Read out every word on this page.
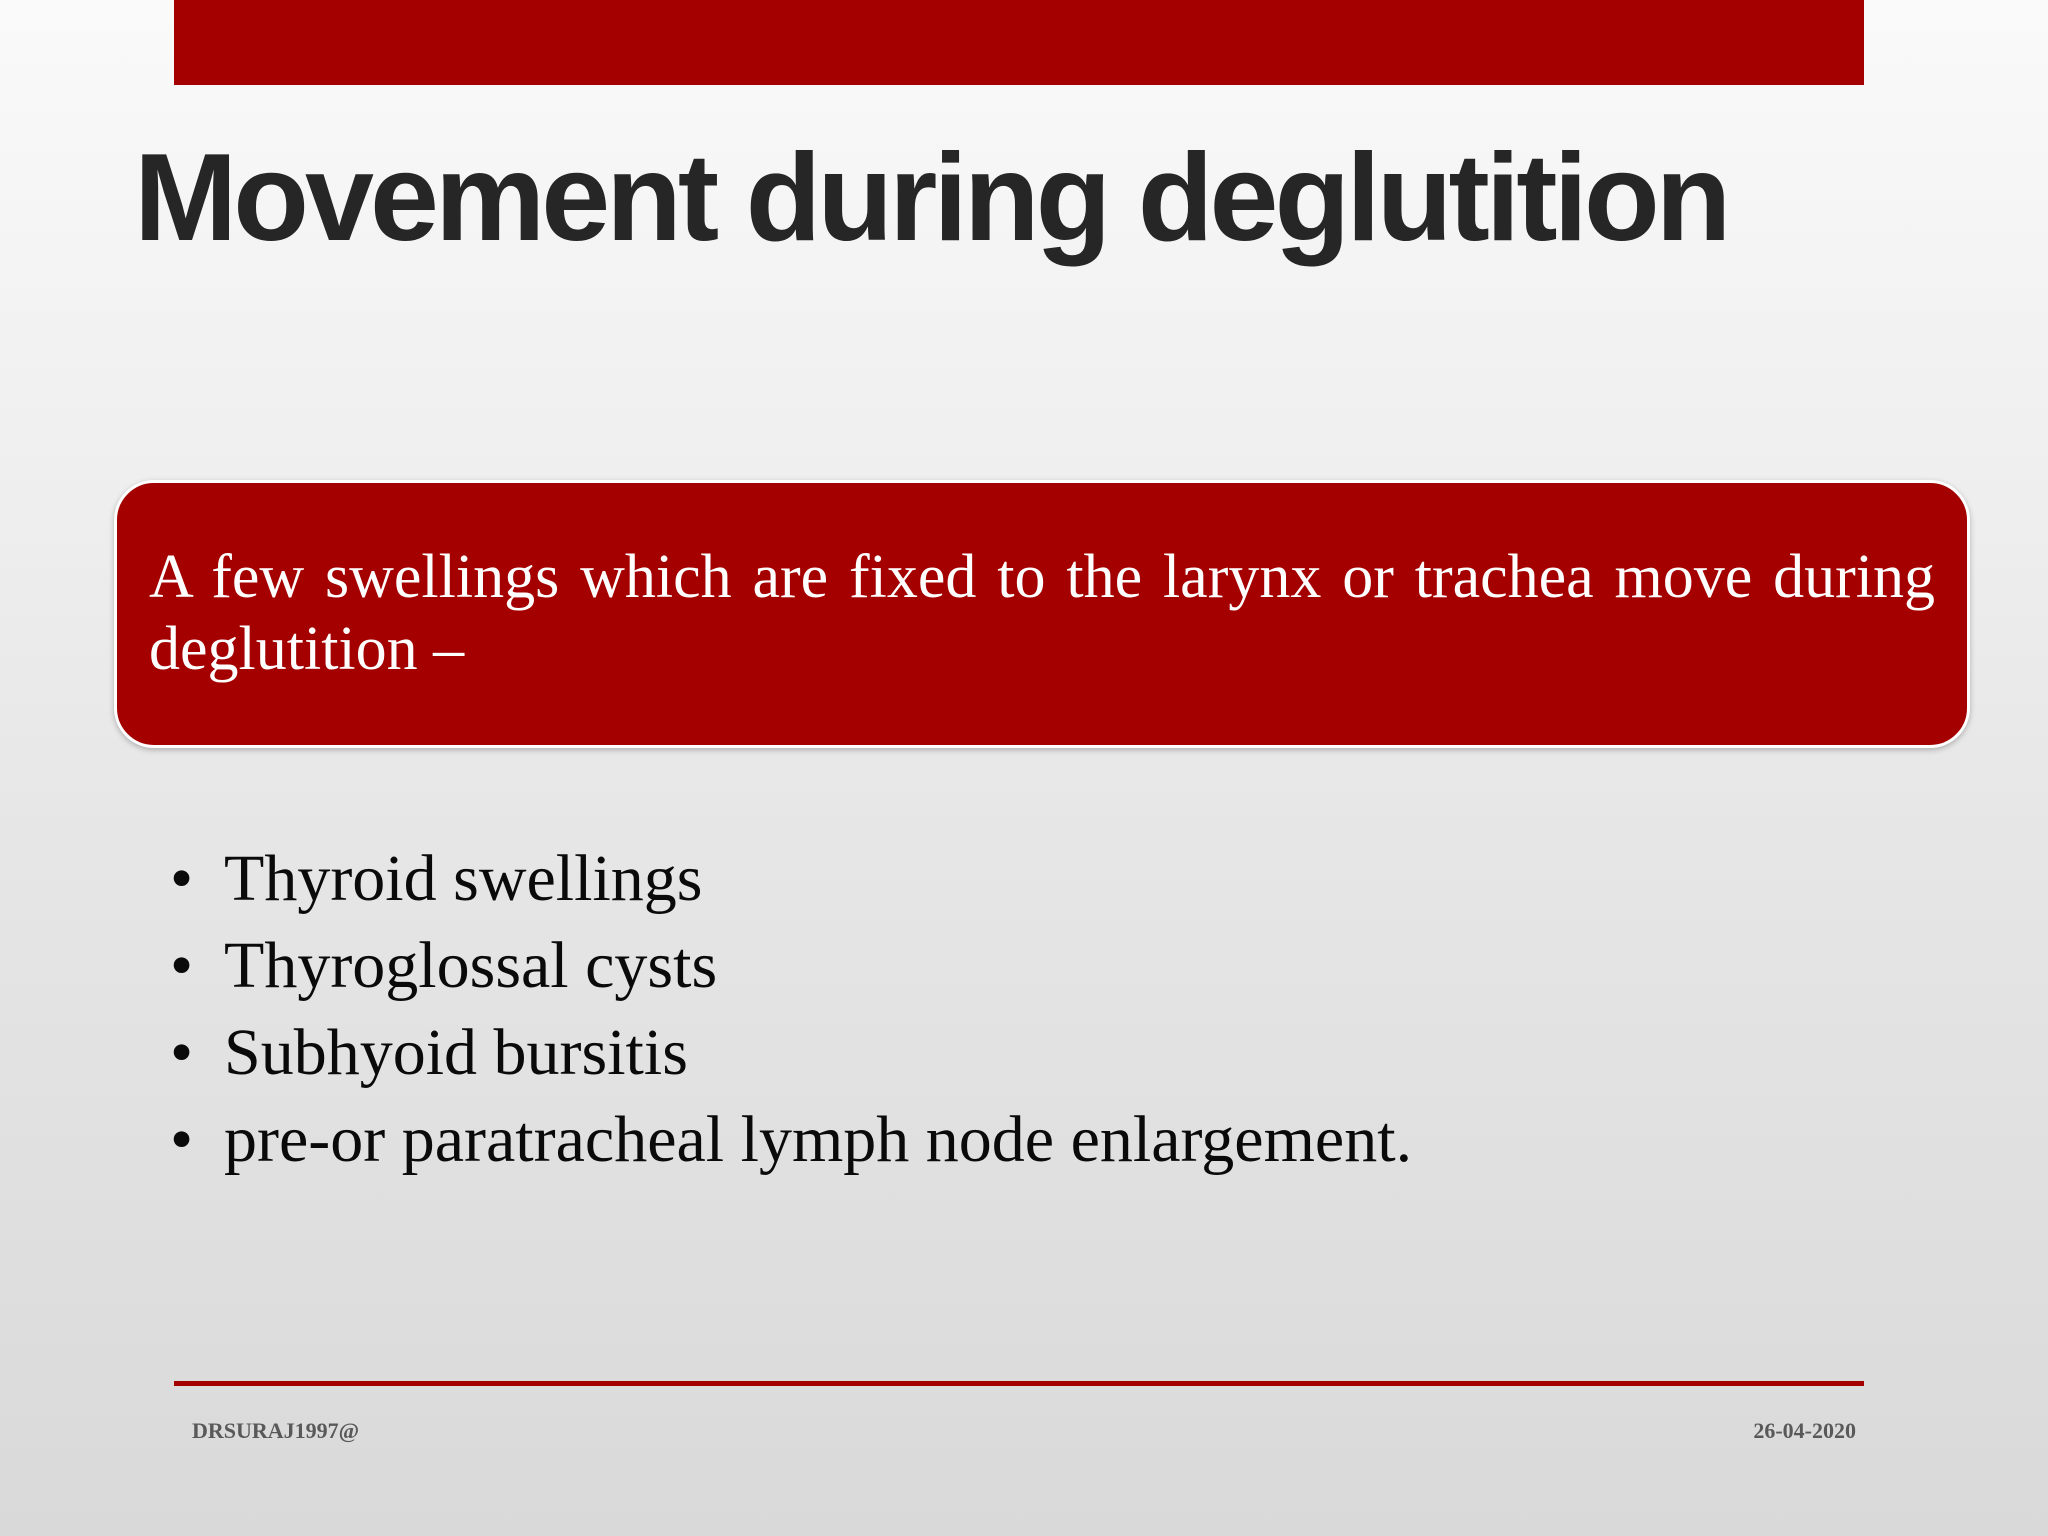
Movement during deglutition
A few swellings which are fixed to the larynx or trachea move during deglutition –
• Thyroid swellings
• Thyroglossal cysts
• Subhyoid bursitis
• pre-or paratracheal lymph node enlargement.
DRSURAJ1997@	26-04-2020
